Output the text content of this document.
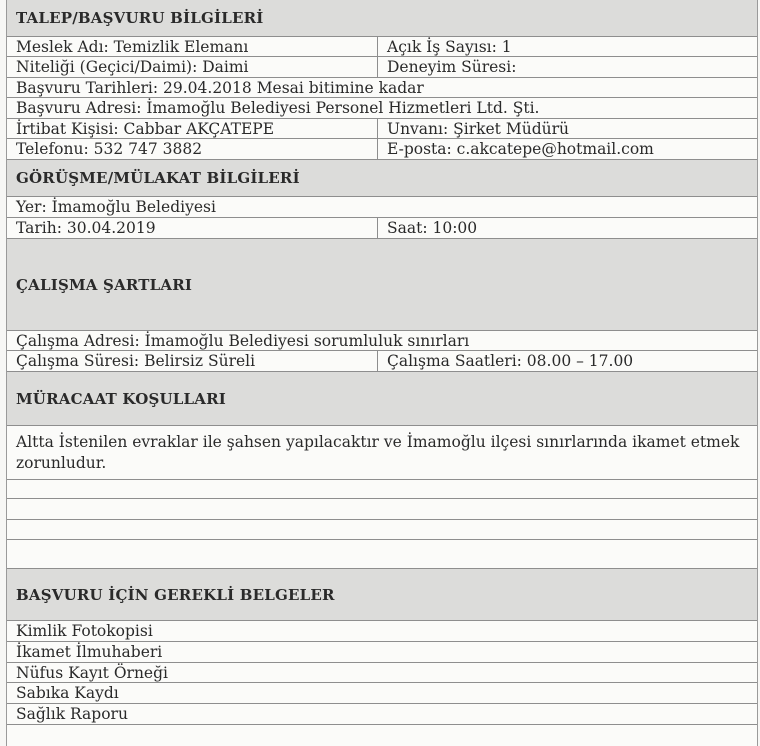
TALEP/BAŞVURU BİLGİLERİ
Meslek Adı: Temizlik Elemanı	Açık İş Sayısı: 1
Niteliği (Geçici/Daimi): Daimi	Deneyim Süresi:
Başvuru Tarihleri: 29.04.2018 Mesai bitimine kadar
Başvuru Adresi: İmamoğlu Belediyesi Personel Hizmetleri Ltd. Şti.
İrtibat Kişisi: Cabbar AKÇATEPE	Unvanı: Şirket Müdürü
Telefonu: 532 747 3882	E-posta: c.akcatepe@hotmail.com
GÖRÜŞME/MÜLAKAT BİLGİLERİ
Yer: İmamoğlu Belediyesi
Tarih: 30.04.2019	Saat: 10:00
ÇALIŞMA ŞARTLARI
Çalışma Adresi: İmamoğlu Belediyesi sorumluluk sınırları
Çalışma Süresi: Belirsiz Süreli	Çalışma Saatleri: 08.00 – 17.00
MÜRACAAT KOŞULLARI
Altta İstenilen evraklar ile şahsen yapılacaktır ve İmamoğlu ilçesi sınırlarında ikamet etmek zorunludur.
BAŞVURU İÇİN GEREKLİ BELGELER
Kimlik Fotokopisi
İkamet İlmuhaberi
Nüfus Kayıt Örneği
Sabıka Kaydı
Sağlık Raporu
